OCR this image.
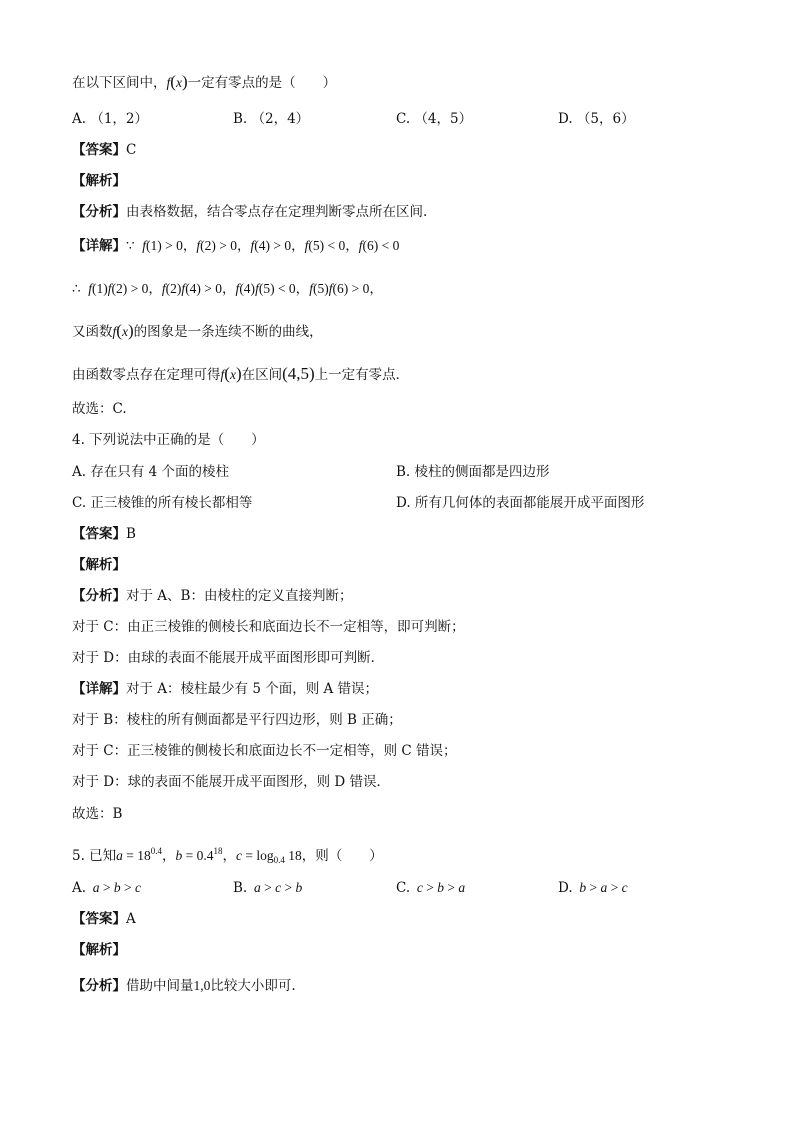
在以下区间中，f(x)一定有零点的是（　　）
A. （1，2）	B. （2，4）	C. （4，5）	D. （5，6）
【答案】C
【解析】
【分析】由表格数据，结合零点存在定理判断零点所在区间.
【详解】∵ f(1) > 0，f(2) > 0，f(4) > 0，f(5) < 0，f(6) < 0
∴ f(1)f(2) > 0，f(2)f(4) > 0，f(4)f(5) < 0，f(5)f(6) > 0，
又函数f(x)的图象是一条连续不断的曲线，
由函数零点存在定理可得f(x)在区间(4,5)上一定有零点．
故选：C.
4. 下列说法中正确的是（　　）
A. 存在只有 4 个面的棱柱	B. 棱柱的侧面都是四边形
C. 正三棱锥的所有棱长都相等	D. 所有几何体的表面都能展开成平面图形
【答案】B
【解析】
【分析】对于 A、B：由棱柱的定义直接判断；
对于 C：由正三棱锥的侧棱长和底面边长不一定相等，即可判断；
对于 D：由球的表面不能展开成平面图形即可判断．
【详解】对于 A：棱柱最少有 5 个面，则 A 错误；
对于 B：棱柱的所有侧面都是平行四边形，则 B 正确；
对于 C：正三棱锥的侧棱长和底面边长不一定相等，则 C 错误；
对于 D：球的表面不能展开成平面图形，则 D 错误．
故选：B
5. 已知$a = 18^{0.4}$，$b = 0.4^{18}$，$c = \log_{0.4} 18$，则（　　）
A. a > b > c	B. a > c > b	C. c > b > a	D. b > a > c
【答案】A
【解析】
【分析】借助中间量1,0比较大小即可.
